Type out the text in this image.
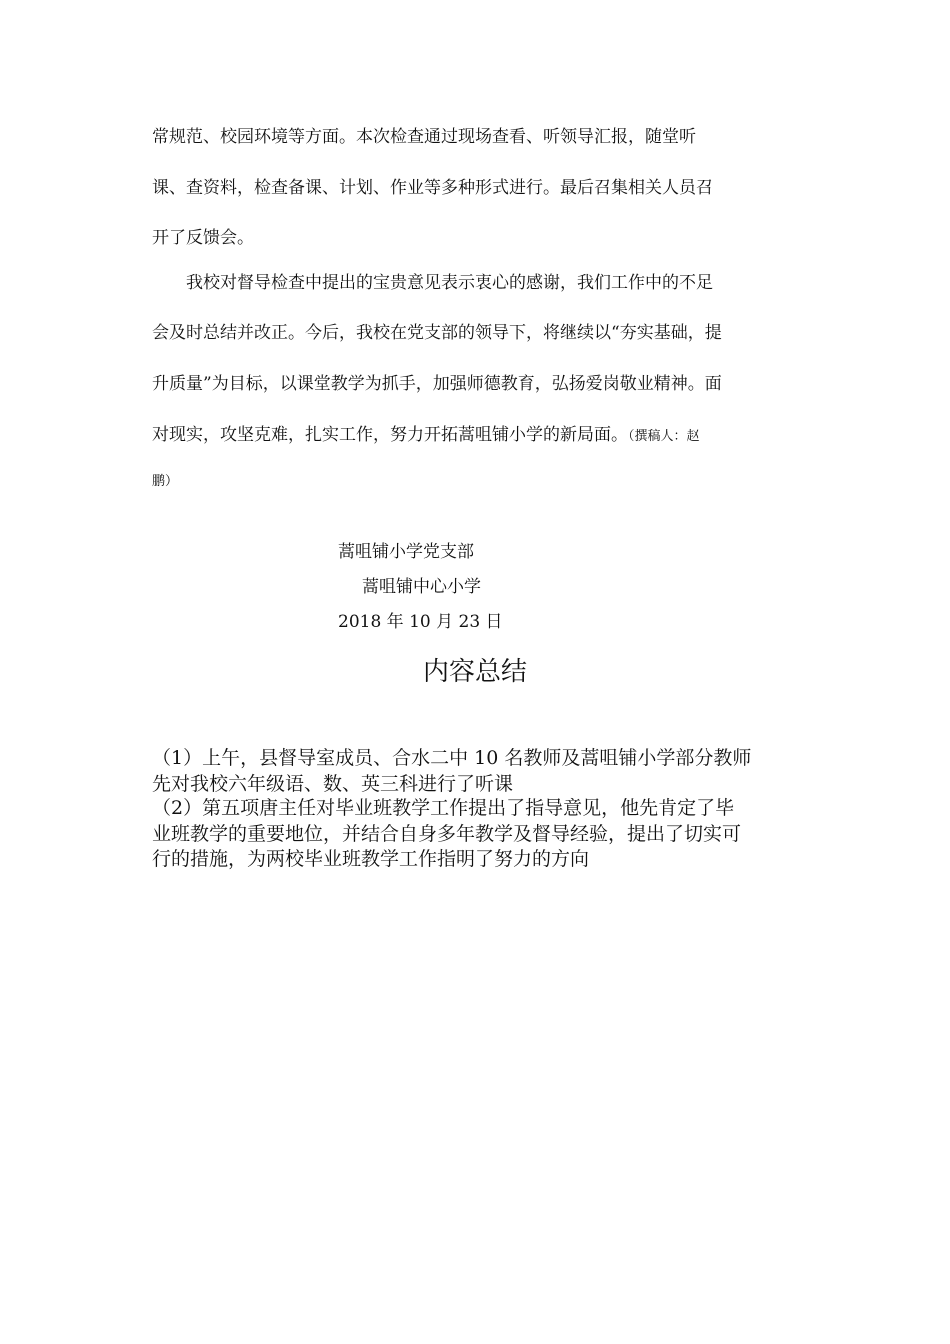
常规范、校园环境等方面。本次检查通过现场查看、听领导汇报，随堂听
课、查资料，检查备课、计划、作业等多种形式进行。最后召集相关人员召
开了反馈会。
　　我校对督导检查中提出的宝贵意见表示衷心的感谢，我们工作中的不足
会及时总结并改正。今后，我校在党支部的领导下，将继续以“夯实基础，提
升质量”为目标，以课堂教学为抓手，加强师德教育，弘扬爱岗敬业精神。面
对现实，攻坚克难，扎实工作，努力开拓蒿咀铺小学的新局面。（撰稿人：赵
鹏）
蒿咀铺小学党支部
蒿咀铺中心小学
2018 年 10 月 23 日
内容总结
（1）上午，县督导室成员、合水二中 10 名教师及蒿咀铺小学部分教师
先对我校六年级语、数、英三科进行了听课
（2）第五项唐主任对毕业班教学工作提出了指导意见，他先肯定了毕
业班教学的重要地位，并结合自身多年教学及督导经验，提出了切实可
行的措施，为两校毕业班教学工作指明了努力的方向
